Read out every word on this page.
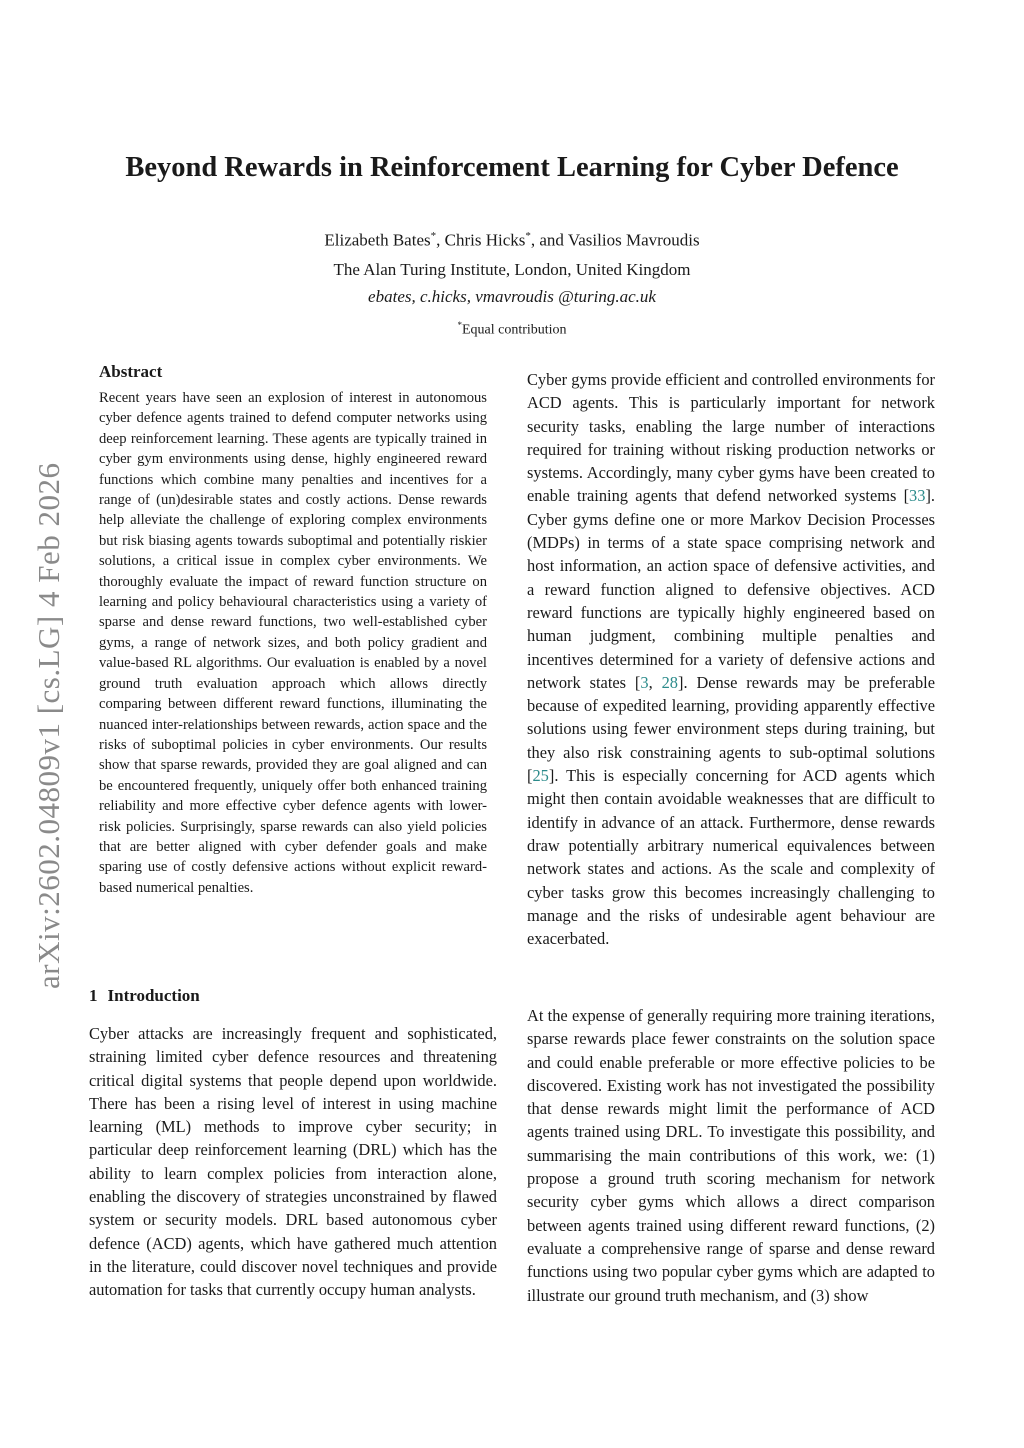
arXiv:2602.04809v1 [cs.LG] 4 Feb 2026
Beyond Rewards in Reinforcement Learning for Cyber Defence
Elizabeth Bates*, Chris Hicks*, and Vasilios Mavroudis
The Alan Turing Institute, London, United Kingdom
ebates, c.hicks, vmavroudis @turing.ac.uk
*Equal contribution
Abstract

Recent years have seen an explosion of interest in autonomous cyber defence agents trained to defend computer networks using deep reinforcement learning. These agents are typically trained in cyber gym environments using dense, highly engineered reward functions which combine many penalties and incentives for a range of (un)desirable states and costly actions. Dense rewards help alleviate the challenge of exploring complex environments but risk biasing agents towards suboptimal and potentially riskier solutions, a critical issue in complex cyber environments. We thoroughly evaluate the impact of reward function structure on learning and policy behavioural characteristics using a variety of sparse and dense reward functions, two well-established cyber gyms, a range of network sizes, and both policy gradient and value-based RL algorithms. Our evaluation is enabled by a novel ground truth evaluation approach which allows directly comparing between different reward functions, illuminating the nuanced inter-relationships between rewards, action space and the risks of suboptimal policies in cyber environments. Our results show that sparse rewards, provided they are goal aligned and can be encountered frequently, uniquely offer both enhanced training reliability and more effective cyber defence agents with lower-risk policies. Surprisingly, sparse rewards can also yield policies that are better aligned with cyber defender goals and make sparing use of costly defensive actions without explicit reward-based numerical penalties.

1 Introduction

Cyber attacks are increasingly frequent and sophisticated, straining limited cyber defence resources and threatening critical digital systems that people depend upon worldwide. There has been a rising level of interest in using machine learning (ML) methods to improve cyber security; in particular deep reinforcement learning (DRL) which has the ability to learn complex policies from interaction alone, enabling the discovery of strategies unconstrained by flawed system or security models. DRL based autonomous cyber defence (ACD) agents, which have gathered much attention in the literature, could discover novel techniques and provide automation for tasks that currently occupy human analysts.

Cyber gyms provide efficient and controlled environments for ACD agents. This is particularly important for network security tasks, enabling the large number of interactions required for training without risking production networks or systems. Accordingly, many cyber gyms have been created to enable training agents that defend networked systems [33]. Cyber gyms define one or more Markov Decision Processes (MDPs) in terms of a state space comprising network and host information, an action space of defensive activities, and a reward function aligned to defensive objectives. ACD reward functions are typically highly engineered based on human judgment, combining multiple penalties and incentives determined for a variety of defensive actions and network states [3, 28]. Dense rewards may be preferable because of expedited learning, providing apparently effective solutions using fewer environment steps during training, but they also risk constraining agents to sub-optimal solutions [25]. This is especially concerning for ACD agents which might then contain avoidable weaknesses that are difficult to identify in advance of an attack. Furthermore, dense rewards draw potentially arbitrary numerical equivalences between network states and actions. As the scale and complexity of cyber tasks grow this becomes increasingly challenging to manage and the risks of undesirable agent behaviour are exacerbated.

At the expense of generally requiring more training iterations, sparse rewards place fewer constraints on the solution space and could enable preferable or more effective policies to be discovered. Existing work has not investigated the possibility that dense rewards might limit the performance of ACD agents trained using DRL. To investigate this possibility, and summarising the main contributions of this work, we: (1) propose a ground truth scoring mechanism for network security cyber gyms which allows a direct comparison between agents trained using different reward functions, (2) evaluate a comprehensive range of sparse and dense reward functions using two popular cyber gyms which are adapted to illustrate our ground truth mechanism, and (3) show
